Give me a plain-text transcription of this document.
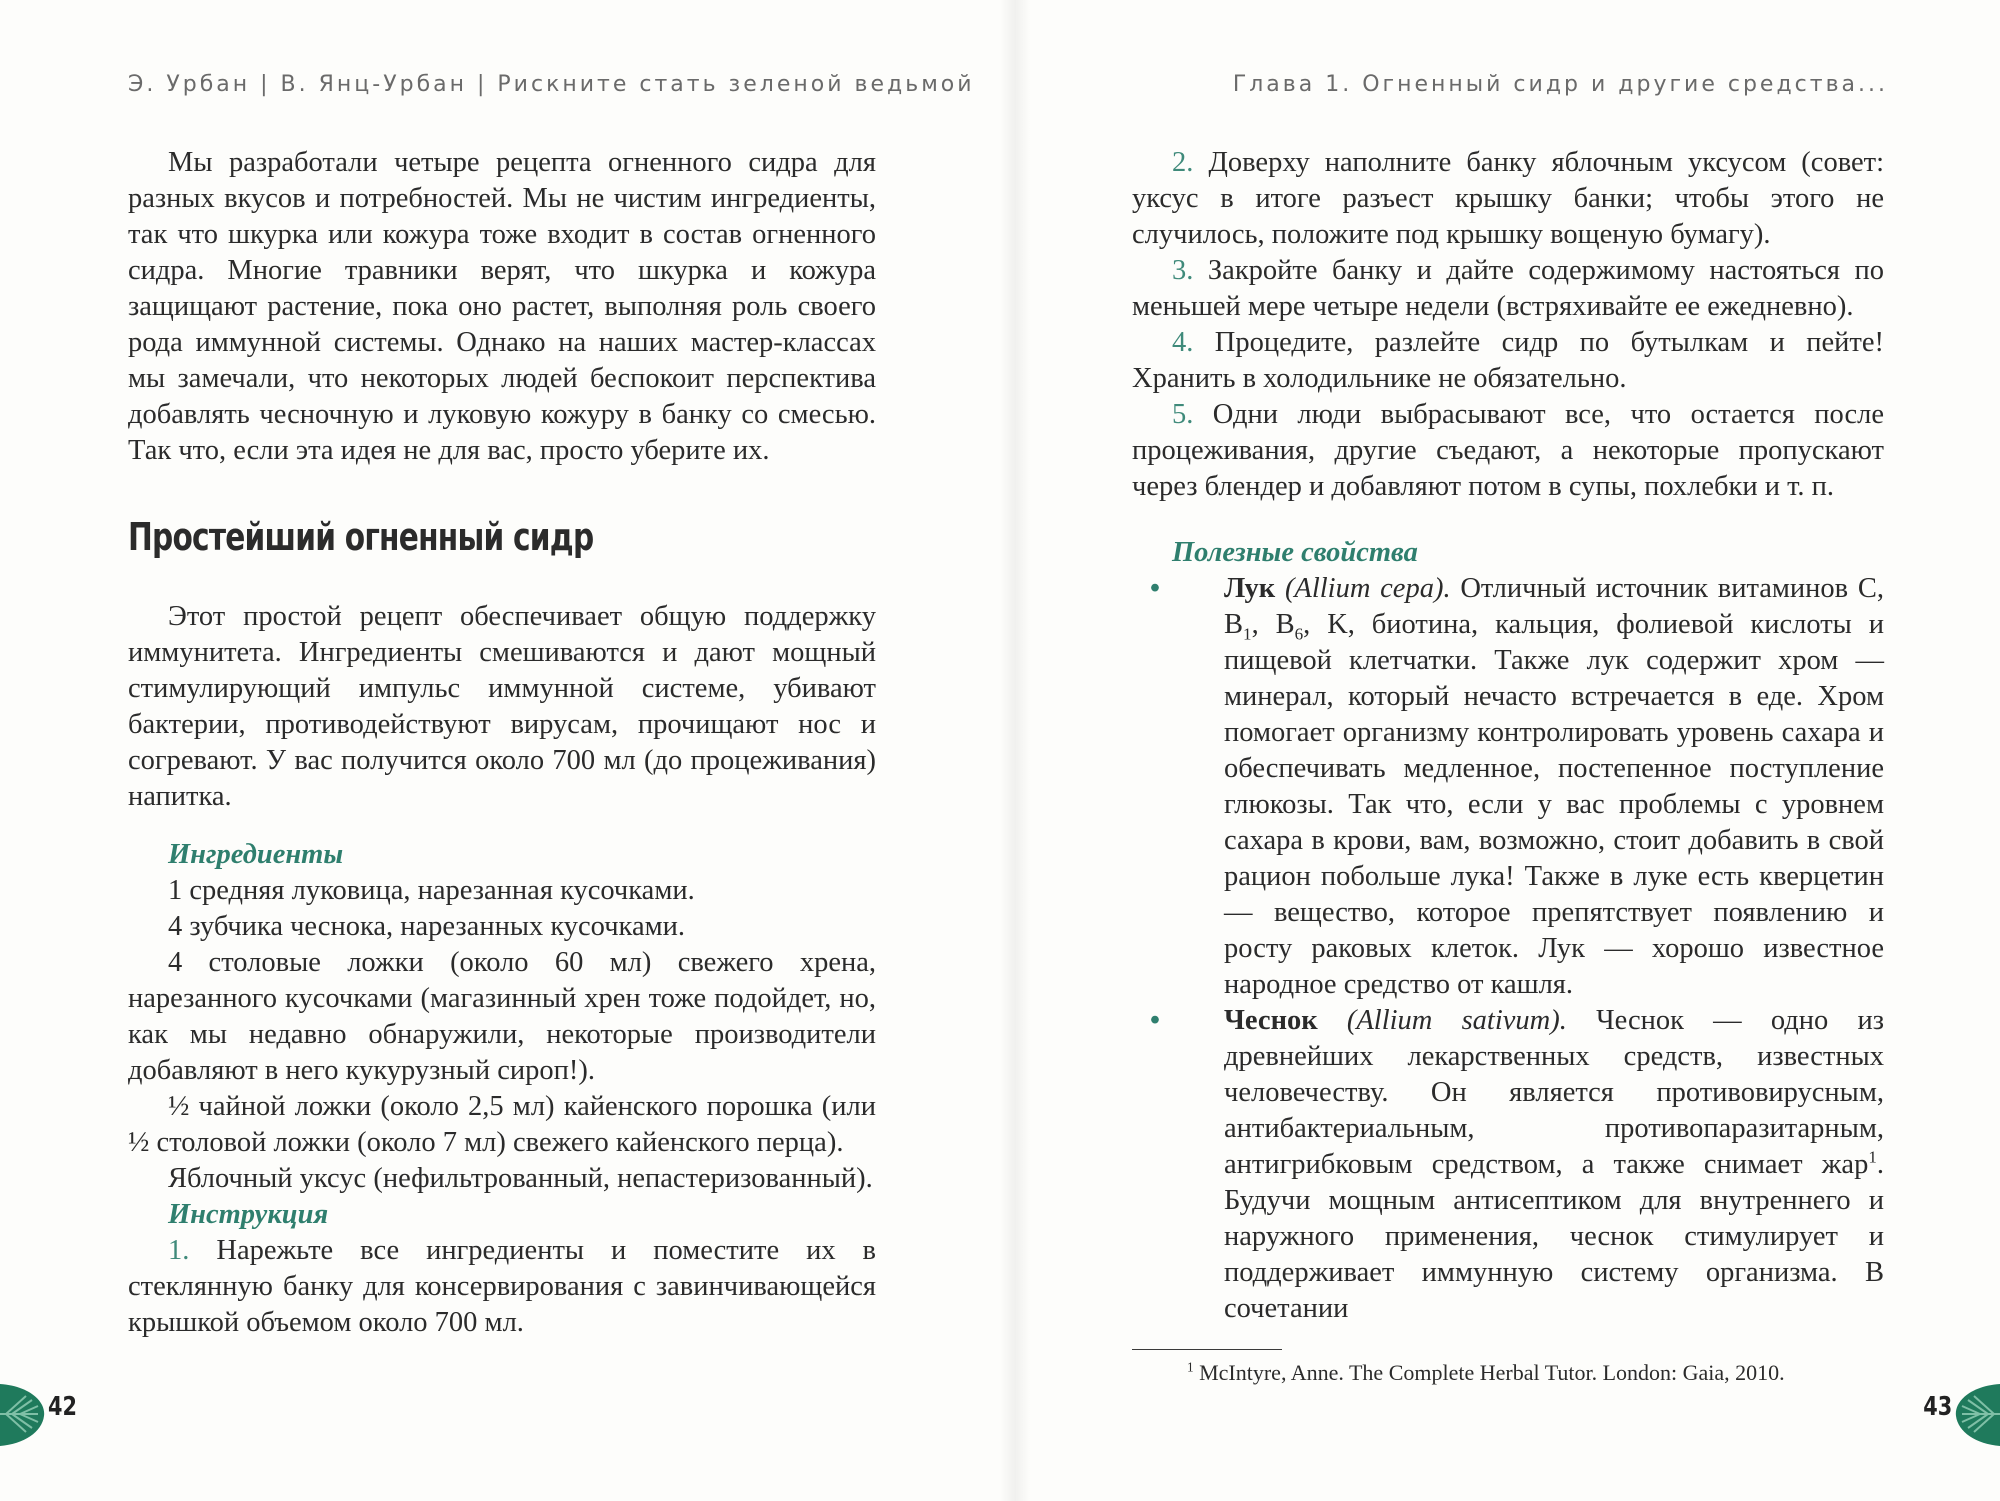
Э. Урбан | В. Янц-Урбан | Рискните стать зеленой ведьмой

Мы разработали четыре рецепта огненного сидра для разных вкусов и потребностей. Мы не чистим ингредиенты, так что шкурка или кожура тоже входит в состав огненного сидра. Многие травники верят, что шкурка и кожура защищают растение, пока оно растет, выполняя роль своего рода иммунной системы. Однако на наших мастер-классах мы замечали, что некоторых людей беспокоит перспектива добавлять чесночную и луковую кожуру в банку со смесью. Так что, если эта идея не для вас, просто уберите их.

Простейший огненный сидр

Этот простой рецепт обеспечивает общую поддержку иммунитета. Ингредиенты смешиваются и дают мощный стимулирующий импульс иммунной системе, убивают бактерии, противодействуют вирусам, прочищают нос и согревают. У вас получится около 700 мл (до процеживания) напитка.

Ингредиенты

1 средняя луковица, нарезанная кусочками.

4 зубчика чеснока, нарезанных кусочками.

4 столовые ложки (около 60 мл) свежего хрена, нарезанного кусочками (магазинный хрен тоже подойдет, но, как мы недавно обнаружили, некоторые производители добавляют в него кукурузный сироп!).

½ чайной ложки (около 2,5 мл) кайенского порошка (или ½ столовой ложки (около 7 мл) свежего кайенского перца).

Яблочный уксус (нефильтрованный, непастеризованный).

Инструкция

1. Нарежьте все ингредиенты и поместите их в стеклянную банку для консервирования с завинчивающейся крышкой объемом около 700 мл.

42
Глава 1. Огненный сидр и другие средства...

2. Доверху наполните банку яблочным уксусом (совет: уксус в итоге разъест крышку банки; чтобы этого не случилось, положите под крышку вощеную бумагу).

3. Закройте банку и дайте содержимому настояться по меньшей мере четыре недели (встряхивайте ее ежедневно).

4. Процедите, разлейте сидр по бутылкам и пейте! Хранить в холодильнике не обязательно.

5. Одни люди выбрасывают все, что остается после процеживания, другие съедают, а некоторые пропускают через блендер и добавляют потом в супы, похлебки и т. п.

Полезные свойства

• Лук (Allium cepa). Отличный источник витаминов C, $B_1$, $B_6$, K, биотина, кальция, фолиевой кислоты и пищевой клетчатки. Также лук содержит хром — минерал, который нечасто встречается в еде. Хром помогает организму контролировать уровень сахара и обеспечивать медленное, постепенное поступление глюкозы. Так что, если у вас проблемы с уровнем сахара в крови, вам, возможно, стоит добавить в свой рацион побольше лука! Также в луке есть кверцетин — вещество, которое препятствует появлению и росту раковых клеток. Лук — хорошо известное народное средство от кашля.
• Чеснок (Allium sativum). Чеснок — одно из древнейших лекарственных средств, известных человечеству. Он является противовирусным, антибактериальным, противопаразитарным, антигрибковым средством, а также снимает жар$^1$. Будучи мощным антисептиком для внутреннего и наружного применения, чеснок стимулирует и поддерживает иммунную систему организма. В сочетании

$^1$ McIntyre, Anne. The Complete Herbal Tutor. London: Gaia, 2010.

43
